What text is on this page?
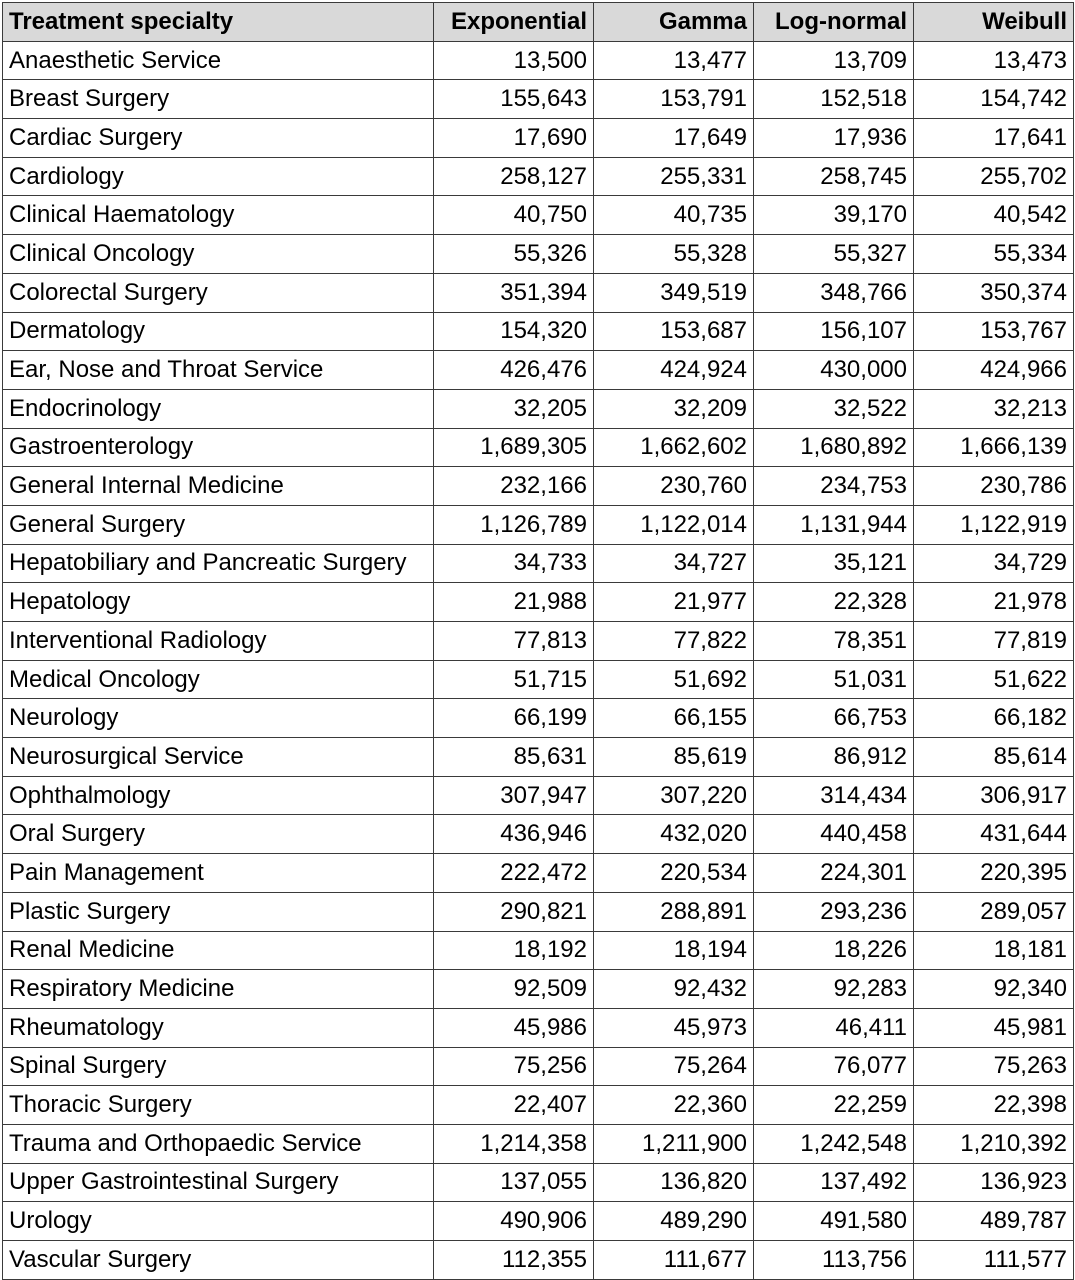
Treatment specialty	Exponential	Gamma	Log-normal	Weibull
Anaesthetic Service	13,500	13,477	13,709	13,473
Breast Surgery	155,643	153,791	152,518	154,742
Cardiac Surgery	17,690	17,649	17,936	17,641
Cardiology	258,127	255,331	258,745	255,702
Clinical Haematology	40,750	40,735	39,170	40,542
Clinical Oncology	55,326	55,328	55,327	55,334
Colorectal Surgery	351,394	349,519	348,766	350,374
Dermatology	154,320	153,687	156,107	153,767
Ear, Nose and Throat Service	426,476	424,924	430,000	424,966
Endocrinology	32,205	32,209	32,522	32,213
Gastroenterology	1,689,305	1,662,602	1,680,892	1,666,139
General Internal Medicine	232,166	230,760	234,753	230,786
General Surgery	1,126,789	1,122,014	1,131,944	1,122,919
Hepatobiliary and Pancreatic Surgery	34,733	34,727	35,121	34,729
Hepatology	21,988	21,977	22,328	21,978
Interventional Radiology	77,813	77,822	78,351	77,819
Medical Oncology	51,715	51,692	51,031	51,622
Neurology	66,199	66,155	66,753	66,182
Neurosurgical Service	85,631	85,619	86,912	85,614
Ophthalmology	307,947	307,220	314,434	306,917
Oral Surgery	436,946	432,020	440,458	431,644
Pain Management	222,472	220,534	224,301	220,395
Plastic Surgery	290,821	288,891	293,236	289,057
Renal Medicine	18,192	18,194	18,226	18,181
Respiratory Medicine	92,509	92,432	92,283	92,340
Rheumatology	45,986	45,973	46,411	45,981
Spinal Surgery	75,256	75,264	76,077	75,263
Thoracic Surgery	22,407	22,360	22,259	22,398
Trauma and Orthopaedic Service	1,214,358	1,211,900	1,242,548	1,210,392
Upper Gastrointestinal Surgery	137,055	136,820	137,492	136,923
Urology	490,906	489,290	491,580	489,787
Vascular Surgery	112,355	111,677	113,756	111,577
